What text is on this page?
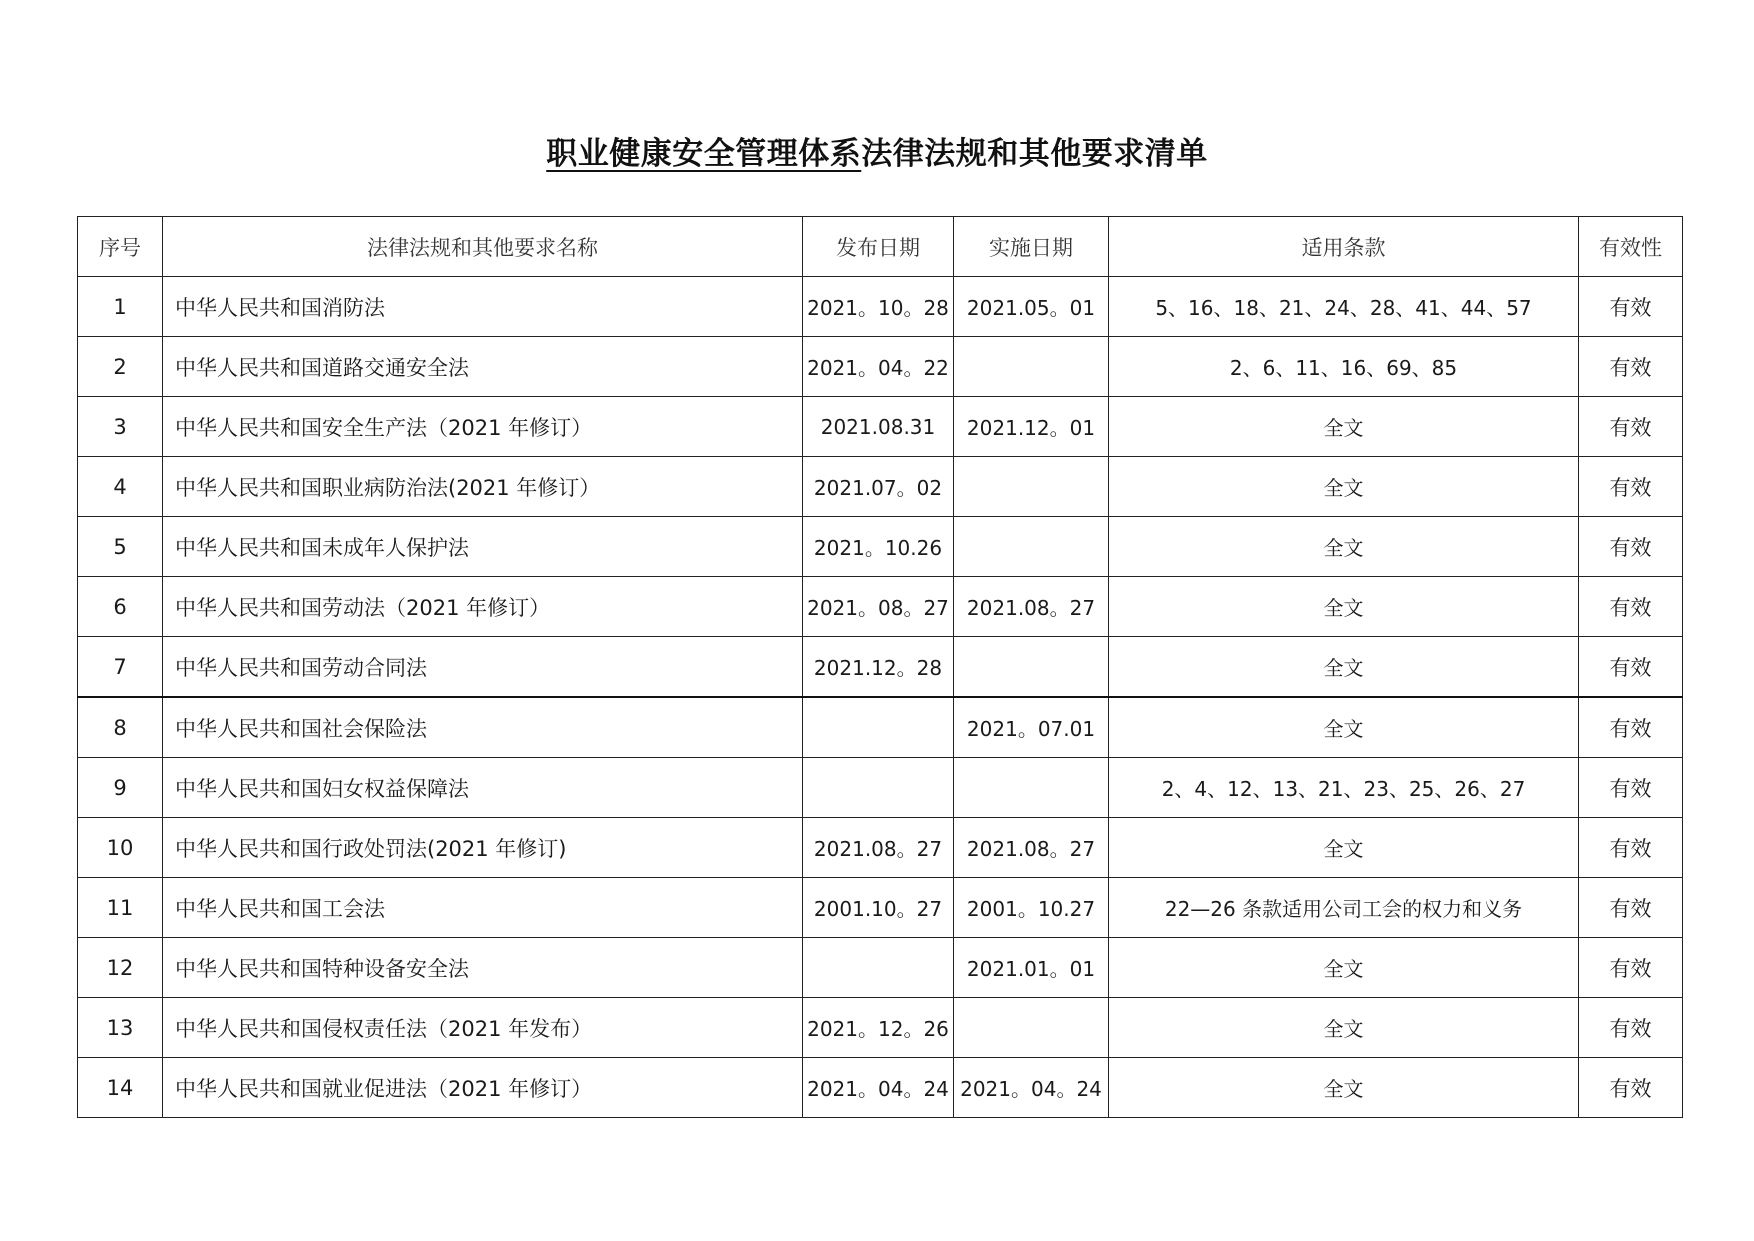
职业健康安全管理体系法律法规和其他要求清单
序号	法律法规和其他要求名称	发布日期	实施日期	适用条款	有效性
1	中华人民共和国消防法	2021。10。28	2021.05。01	5、16、18、21、24、28、41、44、57	有效
2	中华人民共和国道路交通安全法	2021。04。22		2、6、11、16、69、85	有效
3	中华人民共和国安全生产法（2021 年修订）	2021.08.31	2021.12。01	全文	有效
4	中华人民共和国职业病防治法(2021 年修订）	2021.07。02		全文	有效
5	中华人民共和国未成年人保护法	2021。10.26		全文	有效
6	中华人民共和国劳动法（2021 年修订）	2021。08。27	2021.08。27	全文	有效
7	中华人民共和国劳动合同法	2021.12。28		全文	有效
8	中华人民共和国社会保险法		2021。07.01	全文	有效
9	中华人民共和国妇女权益保障法			2、4、12、13、21、23、25、26、27	有效
10	中华人民共和国行政处罚法(2021 年修订)	2021.08。27	2021.08。27	全文	有效
11	中华人民共和国工会法	2001.10。27	2001。10.27	22—26 条款适用公司工会的权力和义务	有效
12	中华人民共和国特种设备安全法		2021.01。01	全文	有效
13	中华人民共和国侵权责任法（2021 年发布）	2021。12。26		全文	有效
14	中华人民共和国就业促进法（2021 年修订）	2021。04。24	2021。04。24	全文	有效
